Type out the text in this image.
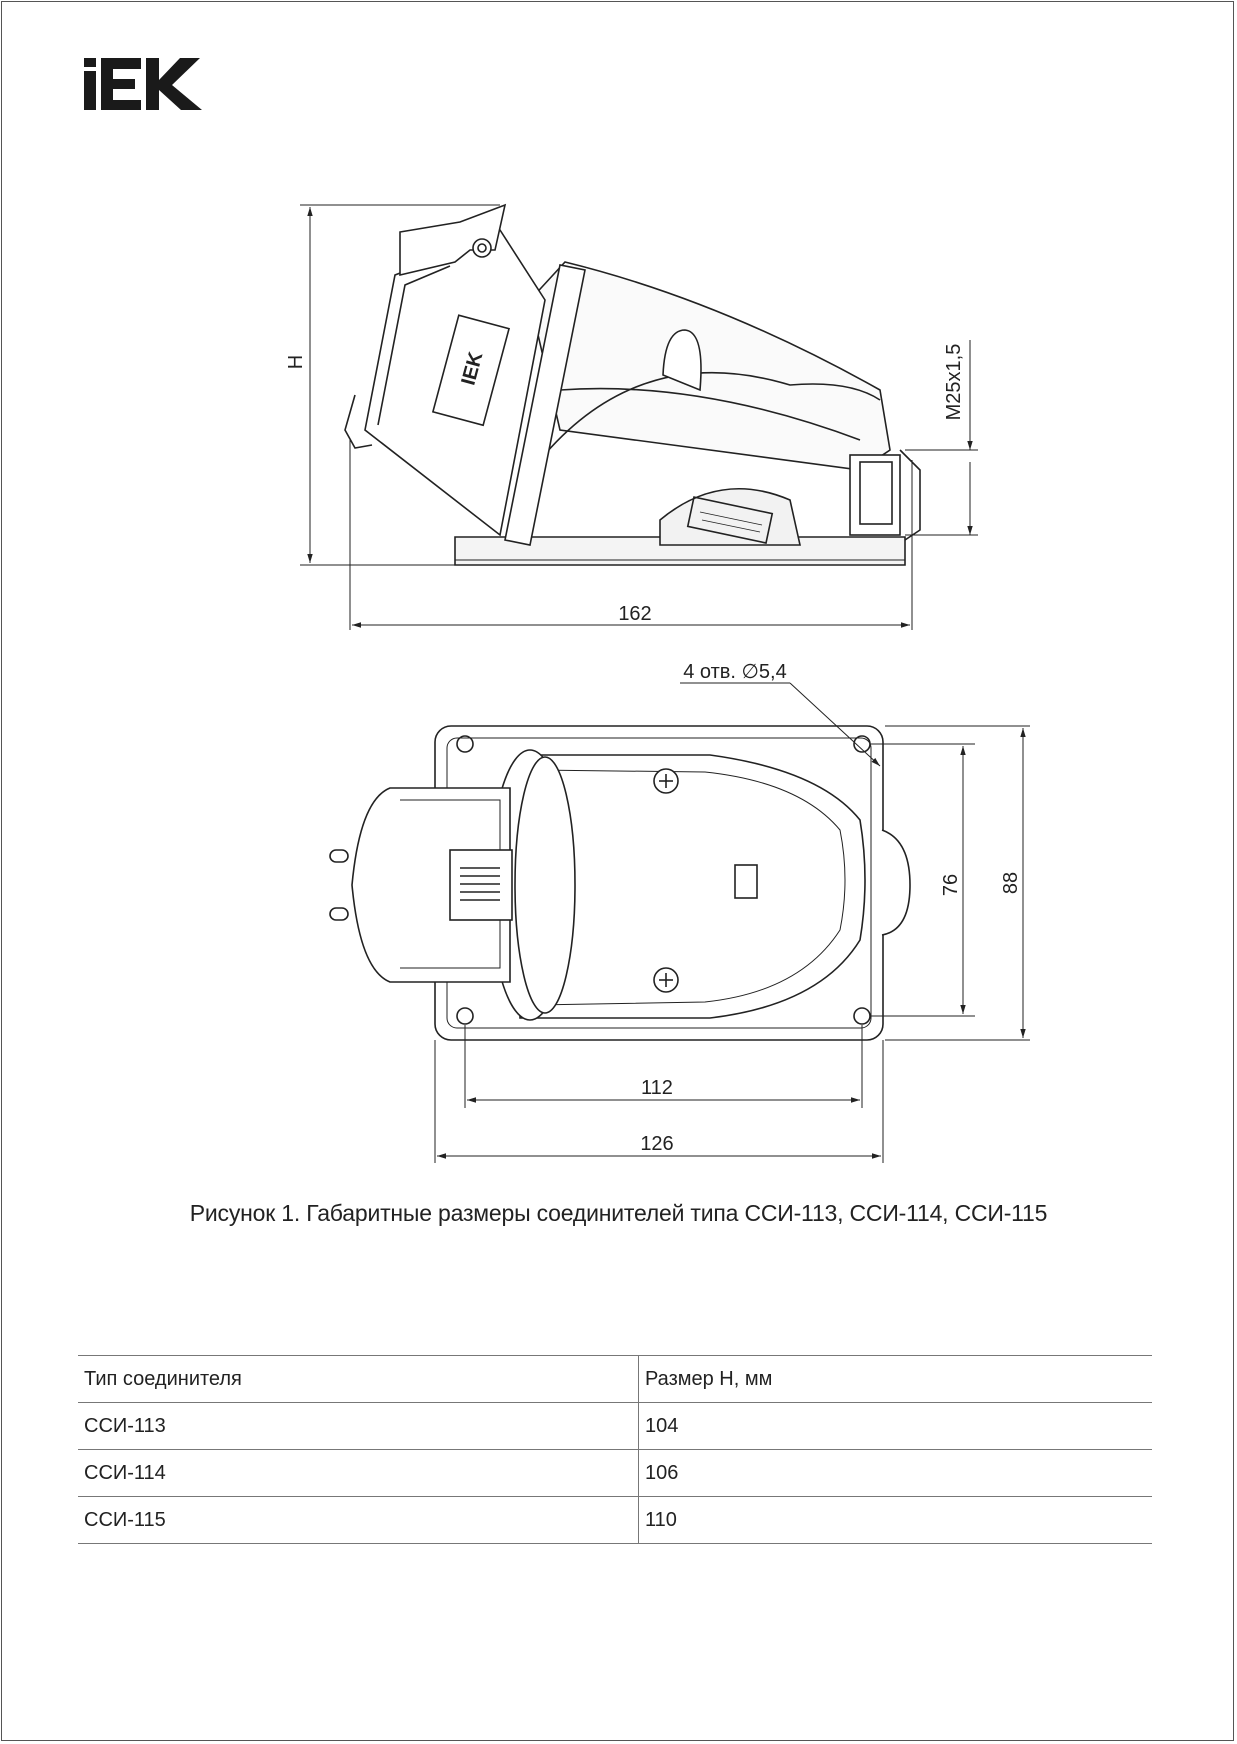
IEK
H	M25x1,5
162
4 отв. ∅5,4
76 88
112
126
Рисунок 1. Габаритные размеры соединителей типа ССИ-113, ССИ-114, ССИ-115
Тип соединителя	Размер H, мм
ССИ-113	104
ССИ-114	106
ССИ-115	110
